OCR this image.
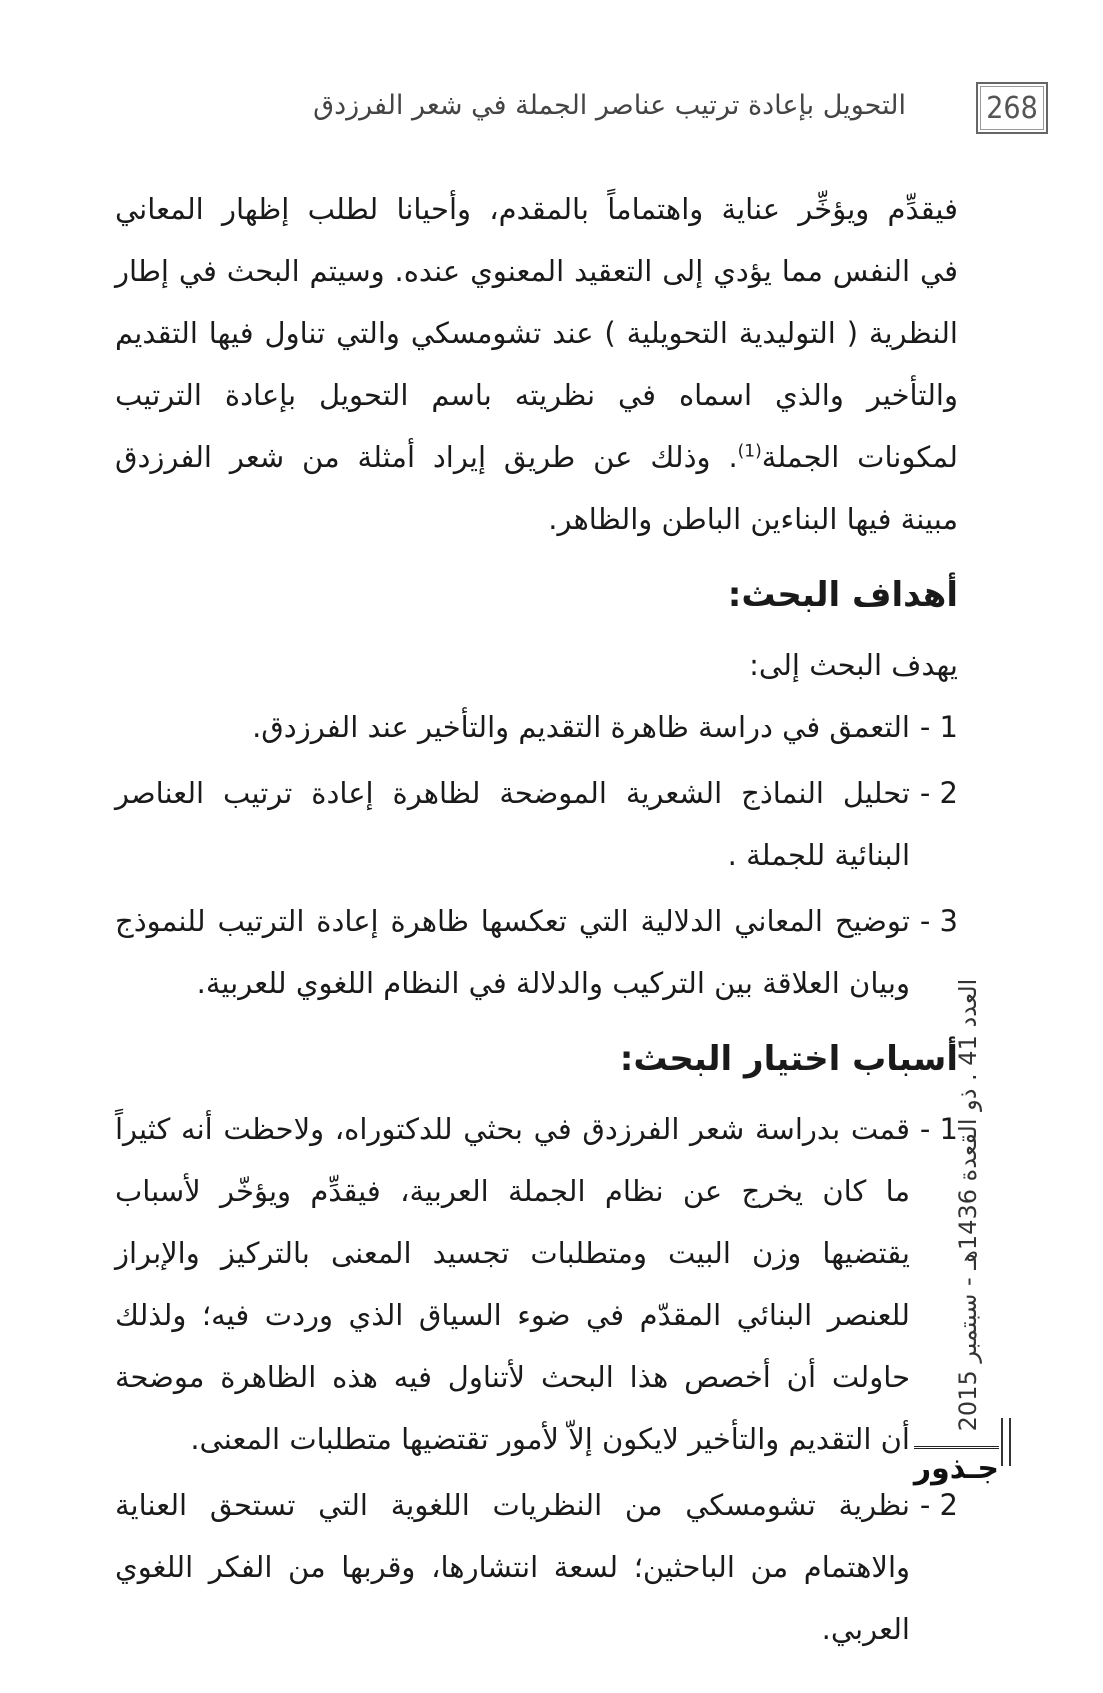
التحويل بإعادة ترتيب عناصر الجملة في شعر الفرزدق	268
فيقدِّم ويؤخِّر عناية واهتماماً بالمقدم، وأحيانا لطلب إظهار المعاني
في النفس مما يؤدي إلى التعقيد المعنوي عنده. وسيتم البحث في إطار
النظرية ( التوليدية التحويلية ) عند تشومسكي والتي تناول فيها التقديم
والتأخير والذي اسماه في نظريته باسم التحويل بإعادة الترتيب
لمكونات الجملة$^{(1)}$. وذلك عن طريق إيراد أمثلة من شعر الفرزدق
مبينة فيها البناءين الباطن والظاهر.
أهداف البحث:
يهدف البحث إلى:
1 -
التعمق في دراسة ظاهرة التقديم والتأخير عند الفرزدق.
2 -
تحليل النماذج الشعرية الموضحة لظاهرة إعادة ترتيب العناصر
البنائية للجملة .
3 -
توضيح المعاني الدلالية التي تعكسها ظاهرة إعادة الترتيب للنموذج
وبيان العلاقة بين التركيب والدلالة في النظام اللغوي للعربية.
أسباب اختيار البحث:
1 -
قمت بدراسة شعر الفرزدق في بحثي للدكتوراه، ولاحظت أنه كثيراً
ما كان يخرج عن نظام الجملة العربية، فيقدِّم ويؤخّر لأسباب
يقتضيها وزن البيت ومتطلبات تجسيد المعنى بالتركيز والإبراز
للعنصر البنائي المقدّم في ضوء السياق الذي وردت فيه؛ ولذلك
حاولت أن أخصص هذا البحث لأتناول فيه هذه الظاهرة موضحة
أن التقديم والتأخير لايكون إلاّ لأمور تقتضيها متطلبات المعنى.
2 -
نظرية تشومسكي من النظريات اللغوية التي تستحق العناية
والاهتمام من الباحثين؛ لسعة انتشارها، وقربها من الفكر اللغوي
العربي.
العدد 41 . ذو القعدة 1436هـ - سبتمبر 2015
جـذور
